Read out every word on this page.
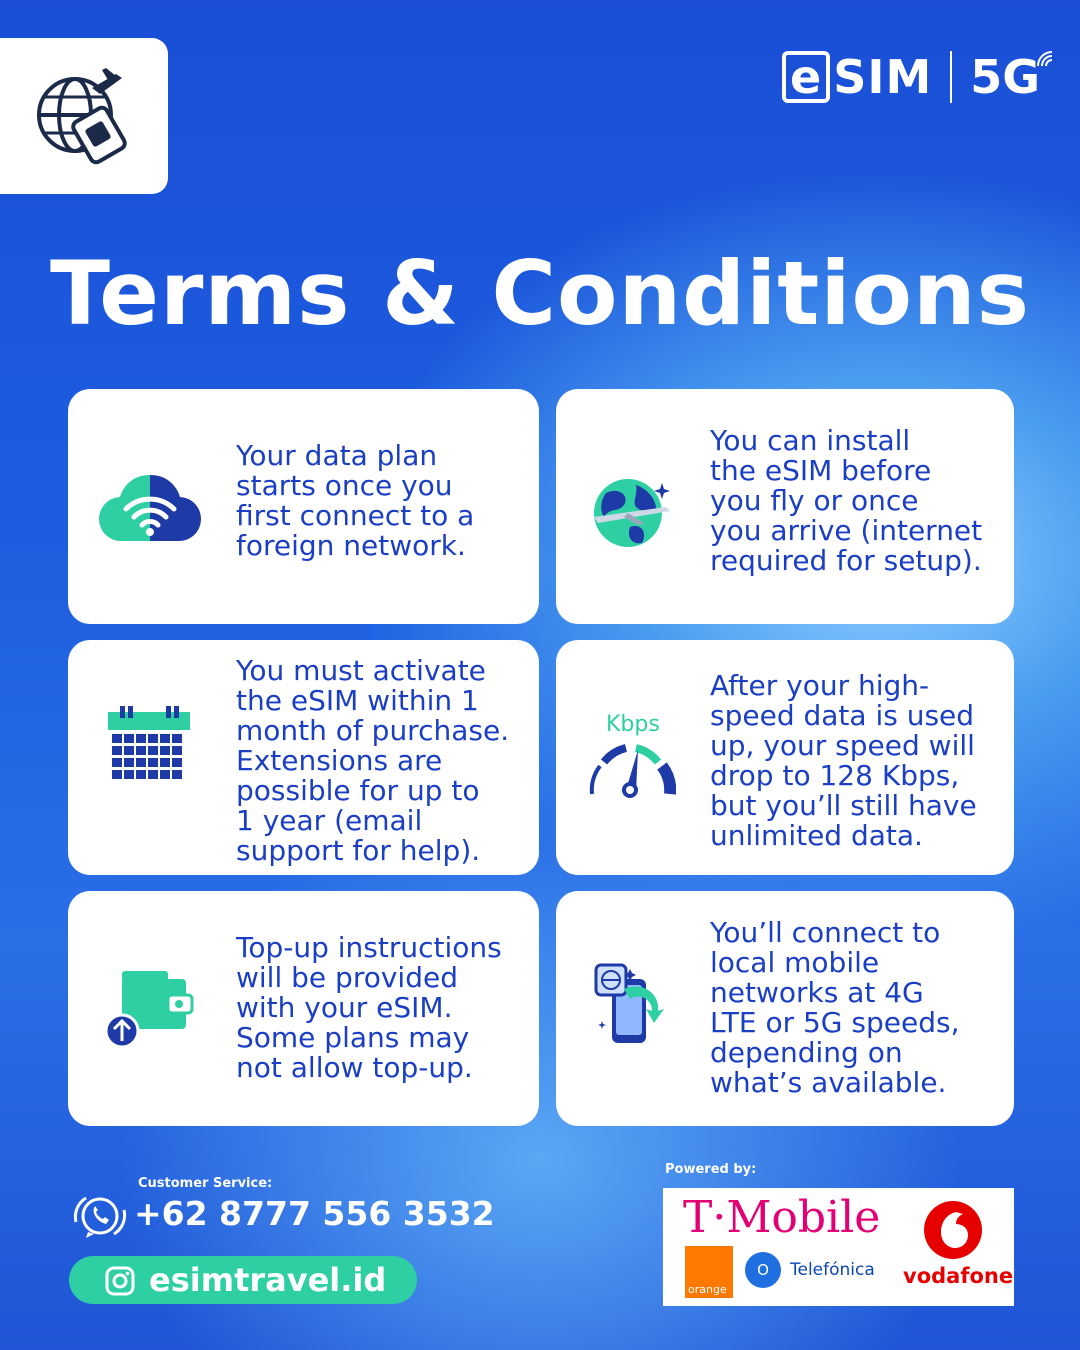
e SIM 5G
Terms & Conditions
Your data plan
starts once you
first connect to a
foreign network.
You can install
the eSIM before
you fly or once
you arrive (internet
required for setup).
You must activate
the eSIM within 1
month of purchase.
Extensions are
possible for up to
1 year (email
support for help).
Kbps
After your high-
speed data is used
up, your speed will
drop to 128 Kbps,
but you’ll still have
unlimited data.
Top-up instructions
will be provided
with your eSIM.
Some plans may
not allow top-up.
You’ll connect to
local mobile
networks at 4G
LTE or 5G speeds,
depending on
what’s available.
Customer Service:
+62 8777 556 3532
esimtravel.id
Powered by:
T·Mobile
orange
O	Telefónica vodafone
